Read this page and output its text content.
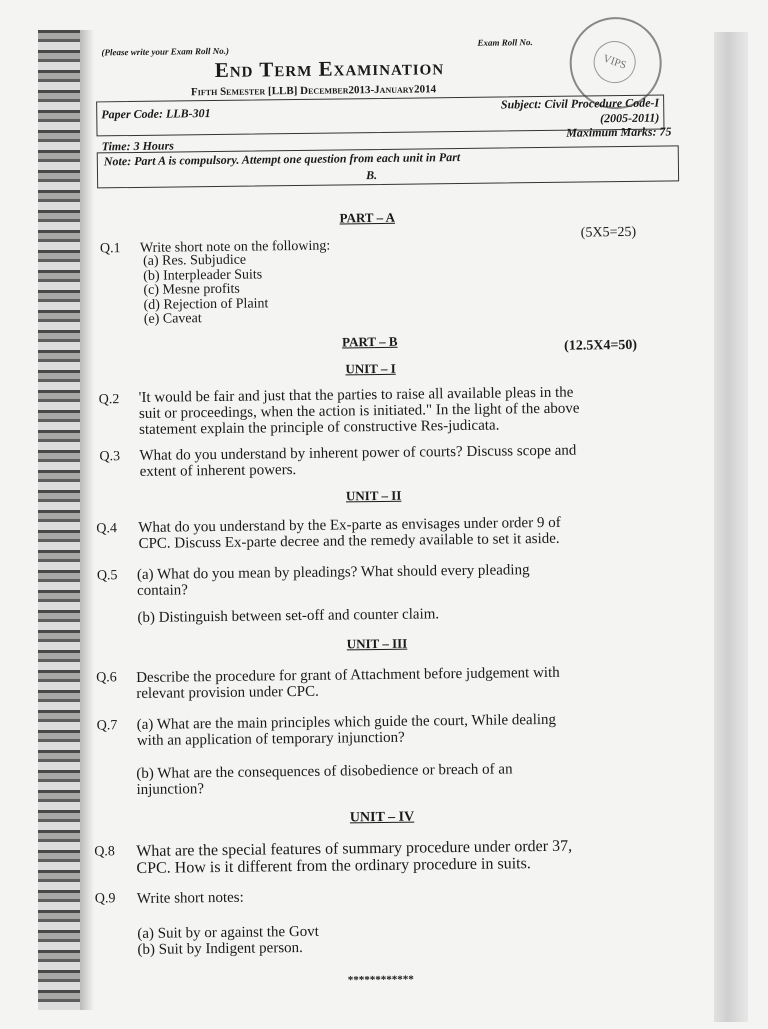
(Please write your Exam Roll No.)
Exam Roll No.
VIPS
End Term Examination
Fifth Semester [LLB] December2013-January2014
Paper Code: LLB-301
Subject: Civil Procedure Code-I
(2005-2011)
Maximum Marks: 75
Time: 3 Hours
Note: Part A is compulsory. Attempt one question from each unit in Part
B.
PART – A
(5X5=25)
Q.1 Write short note on the following:
(a) Res. Subjudice
(b) Interpleader Suits
(c) Mesne profits
(d) Rejection of Plaint
(e) Caveat
PART – B	(12.5X4=50)
UNIT – I
Q.2 'It would be fair and just that the parties to raise all available pleas in the
suit or proceedings, when the action is initiated." In the light of the above
statement explain the principle of constructive Res-judicata.
Q.3 What do you understand by inherent power of courts? Discuss scope and
extent of inherent powers.
UNIT – II
Q.4 What do you understand by the Ex-parte as envisages under order 9 of
CPC. Discuss Ex-parte decree and the remedy available to set it aside.
Q.5 (a) What do you mean by pleadings? What should every pleading
contain?
(b) Distinguish between set-off and counter claim.
UNIT – III
Q.6 Describe the procedure for grant of Attachment before judgement with
relevant provision under CPC.
Q.7 (a) What are the main principles which guide the court, While dealing
with an application of temporary injunction?
(b) What are the consequences of disobedience or breach of an
injunction?
UNIT – IV
Q.8 What are the special features of summary procedure under order 37,
CPC. How is it different from the ordinary procedure in suits.
Q.9 Write short notes:
(a) Suit by or against the Govt
(b) Suit by Indigent person.
************
